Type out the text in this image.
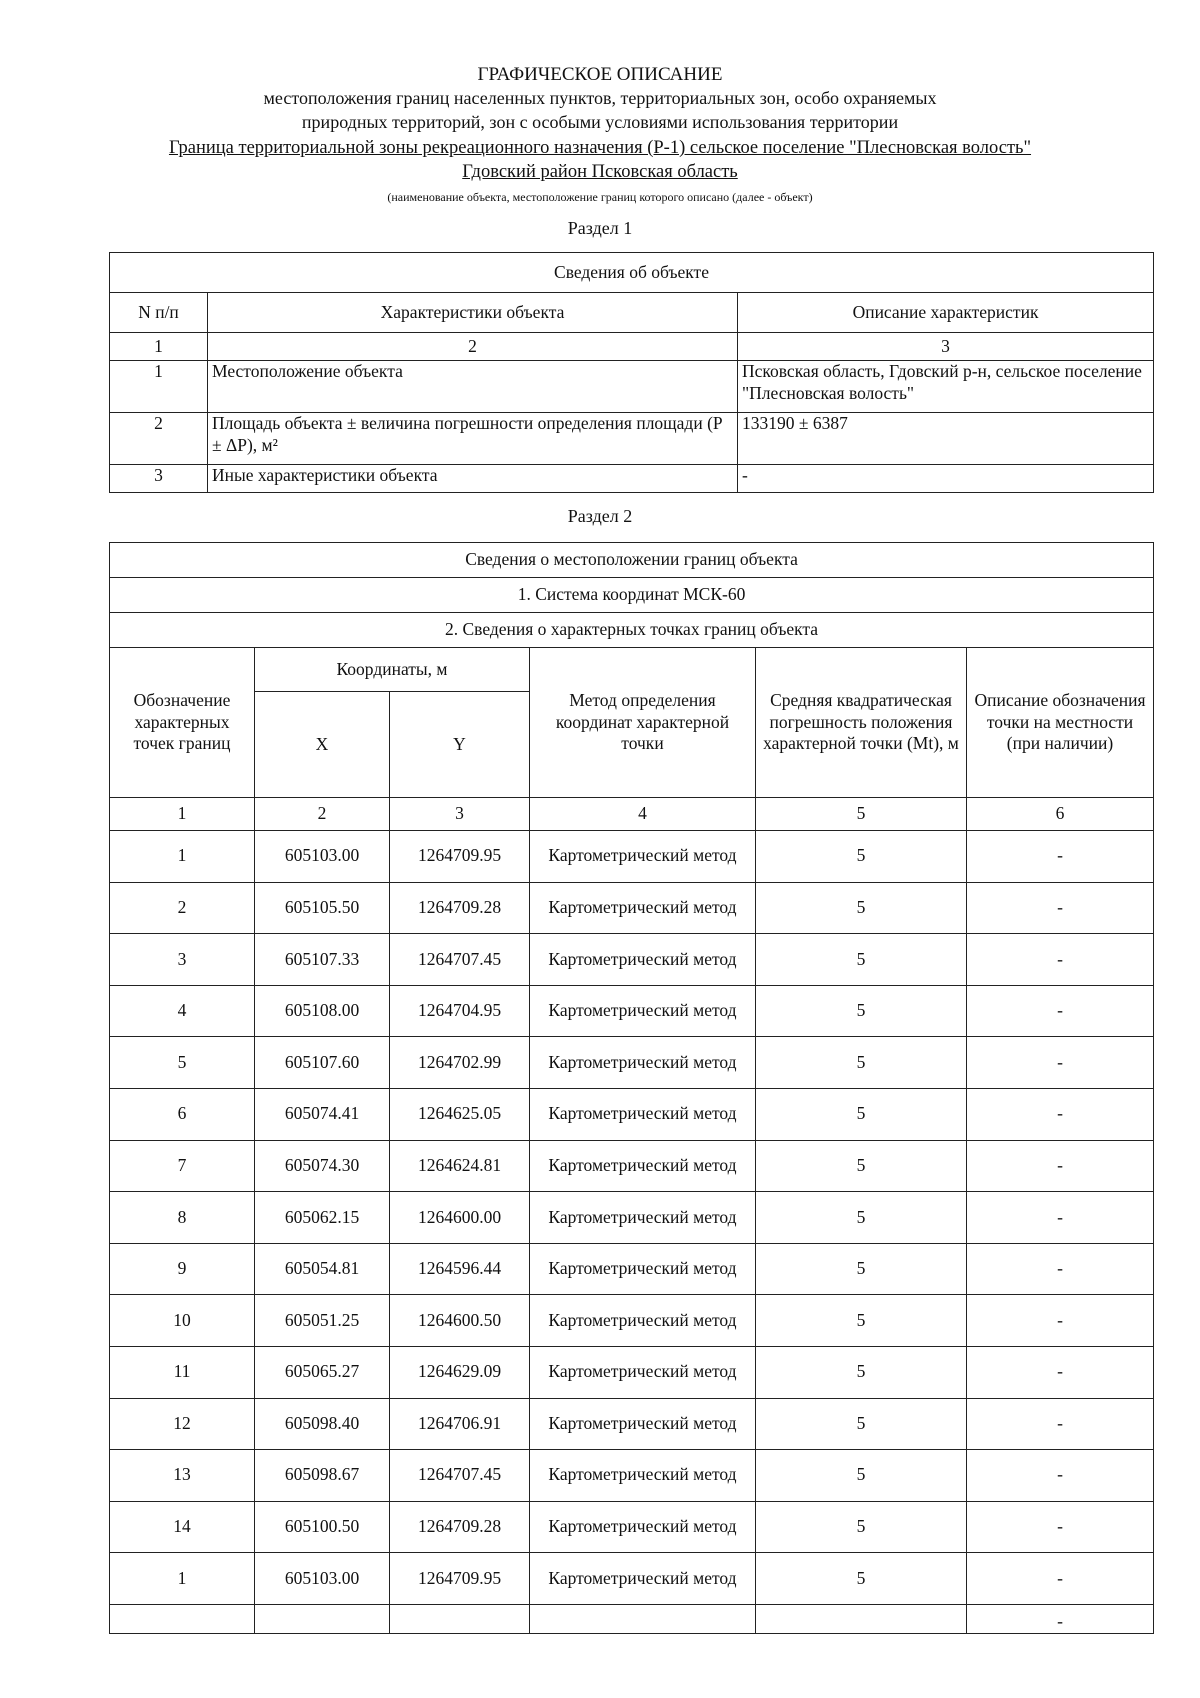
ГРАФИЧЕСКОЕ ОПИСАНИЕ
местоположения границ населенных пунктов, территориальных зон, особо охраняемых
природных территорий, зон с особыми условиями использования территории
Граница территориальной зоны рекреационного назначения (Р-1) сельское поселение "Плесновская волость"
Гдовский район Псковская область
(наименование объекта, местоположение границ которого описано (далее - объект)
Раздел 1
Сведения об объекте		
N п/п	Характеристики объекта	Описание характеристик
1	2	3
1	Местоположение объекта	Псковская область, Гдовский р-н, сельское поселение "Плесновская волость"
2	Площадь объекта ± величина погрешности определения площади (P ± ΔP), м²	133190 ± 6387
3	Иные характеристики объекта	-
Раздел 2
Сведения о местоположении границ объекта					
1. Система координат МСК-60					
2. Сведения о характерных точках границ объекта					
Обозначение характерных точек границ	Координаты, м		Метод определения координат характерной точки	Средняя квадратическая погрешность положения характерной точки (Mt), м	Описание обозначения точки на местности (при наличии)
	X	Y			
1	2	3	4	5	6
1	605103.00	1264709.95	Картометрический метод	5	-
2	605105.50	1264709.28	Картометрический метод	5	-
3	605107.33	1264707.45	Картометрический метод	5	-
4	605108.00	1264704.95	Картометрический метод	5	-
5	605107.60	1264702.99	Картометрический метод	5	-
6	605074.41	1264625.05	Картометрический метод	5	-
7	605074.30	1264624.81	Картометрический метод	5	-
8	605062.15	1264600.00	Картометрический метод	5	-
9	605054.81	1264596.44	Картометрический метод	5	-
10	605051.25	1264600.50	Картометрический метод	5	-
11	605065.27	1264629.09	Картометрический метод	5	-
12	605098.40	1264706.91	Картометрический метод	5	-
13	605098.67	1264707.45	Картометрический метод	5	-
14	605100.50	1264709.28	Картометрический метод	5	-
1	605103.00	1264709.95	Картометрический метод	5	-
					-
